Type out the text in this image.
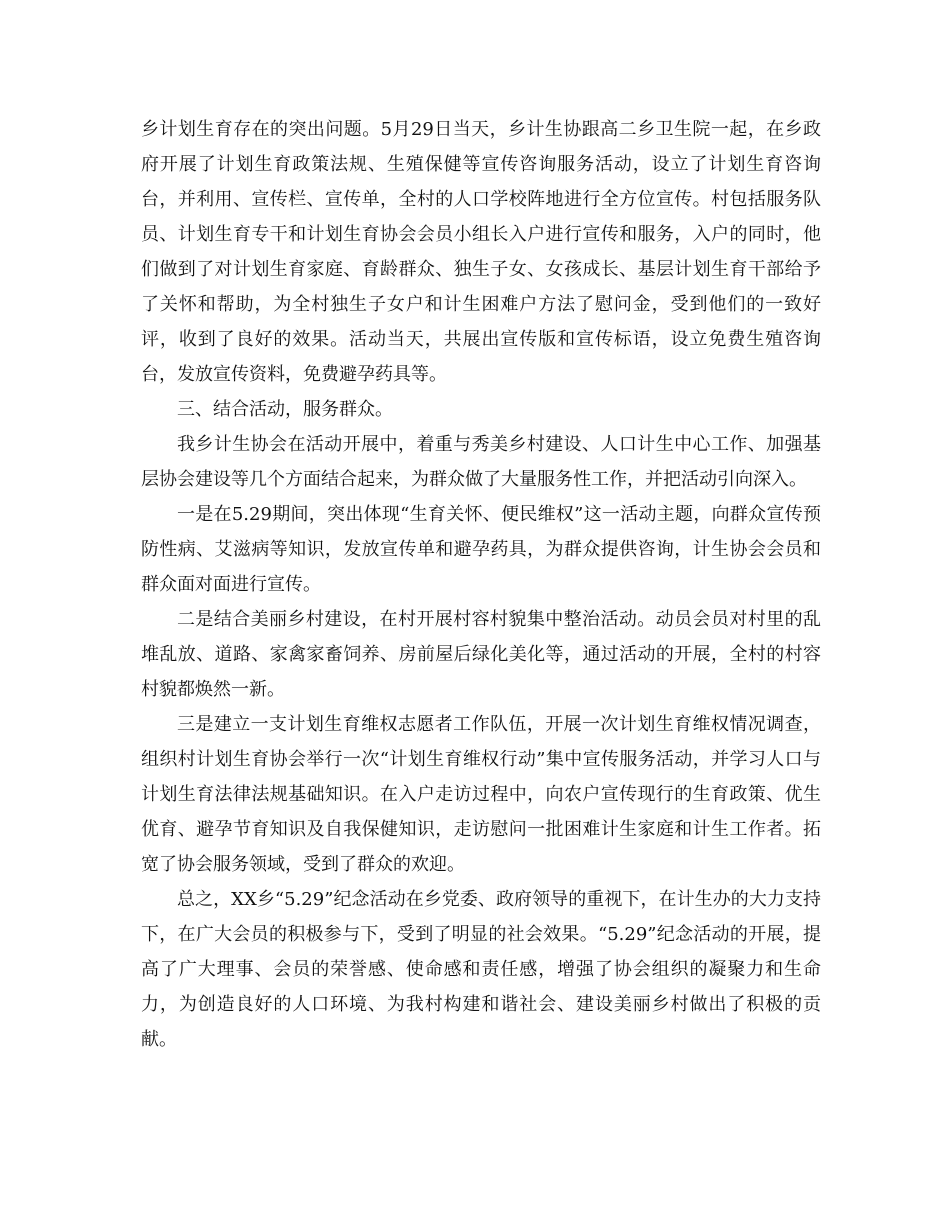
乡计划生育存在的突出问题。5月29日当天，乡计生协跟高二乡卫生院一起，在乡政府开展了计划生育政策法规、生殖保健等宣传咨询服务活动，设立了计划生育咨询台，并利用、宣传栏、宣传单，全村的人口学校阵地进行全方位宣传。村包括服务队员、计划生育专干和计划生育协会会员小组长入户进行宣传和服务，入户的同时，他们做到了对计划生育家庭、育龄群众、独生子女、女孩成长、基层计划生育干部给予了关怀和帮助，为全村独生子女户和计生困难户方法了慰问金，受到他们的一致好评，收到了良好的效果。活动当天，共展出宣传版和宣传标语，设立免费生殖咨询台，发放宣传资料，免费避孕药具等。

三、结合活动，服务群众。

我乡计生协会在活动开展中，着重与秀美乡村建设、人口计生中心工作、加强基层协会建设等几个方面结合起来，为群众做了大量服务性工作，并把活动引向深入。

一是在5.29期间，突出体现“生育关怀、便民维权”这一活动主题，向群众宣传预防性病、艾滋病等知识，发放宣传单和避孕药具，为群众提供咨询，计生协会会员和群众面对面进行宣传。

二是结合美丽乡村建设，在村开展村容村貌集中整治活动。动员会员对村里的乱堆乱放、道路、家禽家畜饲养、房前屋后绿化美化等，通过活动的开展，全村的村容村貌都焕然一新。

三是建立一支计划生育维权志愿者工作队伍，开展一次计划生育维权情况调查，组织村计划生育协会举行一次“计划生育维权行动”集中宣传服务活动，并学习人口与计划生育法律法规基础知识。在入户走访过程中，向农户宣传现行的生育政策、优生优育、避孕节育知识及自我保健知识，走访慰问一批困难计生家庭和计生工作者。拓宽了协会服务领域，受到了群众的欢迎。

总之，XX乡“5.29”纪念活动在乡党委、政府领导的重视下，在计生办的大力支持下，在广大会员的积极参与下，受到了明显的社会效果。“5.29”纪念活动的开展，提高了广大理事、会员的荣誉感、使命感和责任感，增强了协会组织的凝聚力和生命力，为创造良好的人口环境、为我村构建和谐社会、建设美丽乡村做出了积极的贡献。
